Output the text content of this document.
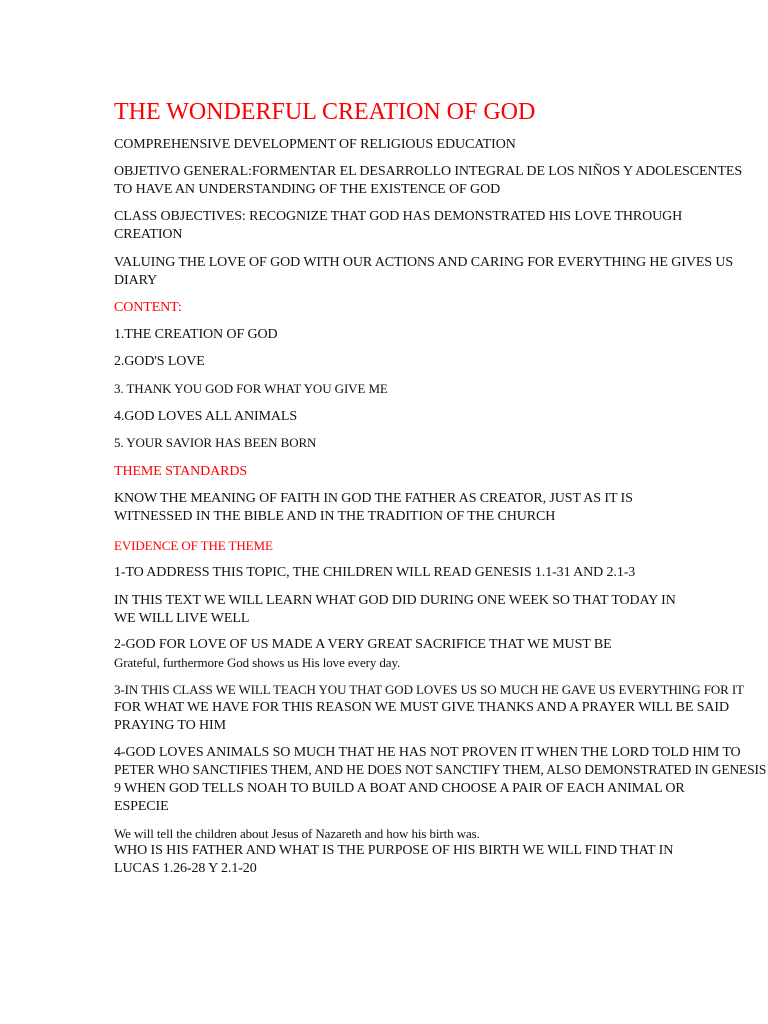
THE WONDERFUL CREATION OF GOD

COMPREHENSIVE DEVELOPMENT OF RELIGIOUS EDUCATION

OBJETIVO GENERAL:FORMENTAR EL DESARROLLO INTEGRAL DE LOS NIÑOS Y ADOLESCENTES

TO HAVE AN UNDERSTANDING OF THE EXISTENCE OF GOD

CLASS OBJECTIVES: RECOGNIZE THAT GOD HAS DEMONSTRATED HIS LOVE THROUGH

CREATION

VALUING THE LOVE OF GOD WITH OUR ACTIONS AND CARING FOR EVERYTHING HE GIVES US

DIARY

CONTENT:

1.THE CREATION OF GOD

2.GOD'S LOVE

3. THANK YOU GOD FOR WHAT YOU GIVE ME

4.GOD LOVES ALL ANIMALS

5. YOUR SAVIOR HAS BEEN BORN

THEME STANDARDS

KNOW THE MEANING OF FAITH IN GOD THE FATHER AS CREATOR, JUST AS IT IS

WITNESSED IN THE BIBLE AND IN THE TRADITION OF THE CHURCH

EVIDENCE OF THE THEME

1-TO ADDRESS THIS TOPIC, THE CHILDREN WILL READ GENESIS 1.1-31 AND 2.1-3

IN THIS TEXT WE WILL LEARN WHAT GOD DID DURING ONE WEEK SO THAT TODAY IN

WE WILL LIVE WELL

2-GOD FOR LOVE OF US MADE A VERY GREAT SACRIFICE THAT WE MUST BE

Grateful, furthermore God shows us His love every day.

3-IN THIS CLASS WE WILL TEACH YOU THAT GOD LOVES US SO MUCH HE GAVE US EVERYTHING FOR IT

FOR WHAT WE HAVE FOR THIS REASON WE MUST GIVE THANKS AND A PRAYER WILL BE SAID

PRAYING TO HIM

4-GOD LOVES ANIMALS SO MUCH THAT HE HAS NOT PROVEN IT WHEN THE LORD TOLD HIM TO

PETER WHO SANCTIFIES THEM, AND HE DOES NOT SANCTIFY THEM, ALSO DEMONSTRATED IN GENESIS

9 WHEN GOD TELLS NOAH TO BUILD A BOAT AND CHOOSE A PAIR OF EACH ANIMAL OR

ESPECIE

We will tell the children about Jesus of Nazareth and how his birth was.

WHO IS HIS FATHER AND WHAT IS THE PURPOSE OF HIS BIRTH WE WILL FIND THAT IN

LUCAS 1.26-28 Y 2.1-20
